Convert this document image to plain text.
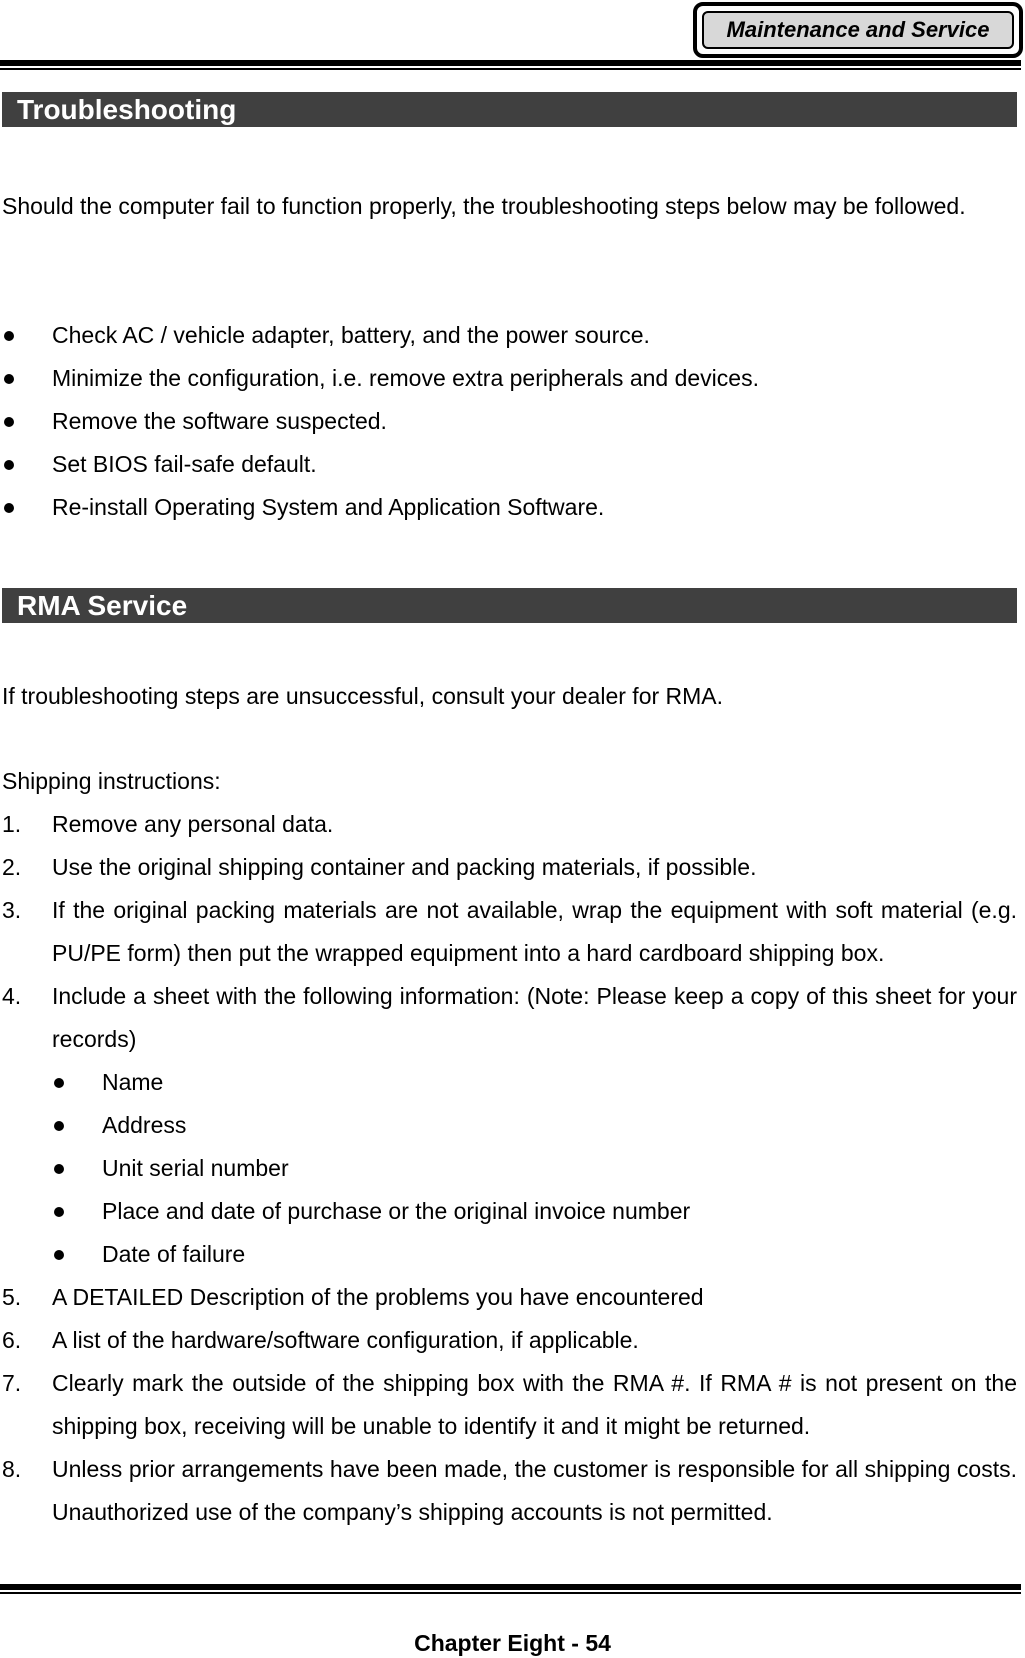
Maintenance and Service
Troubleshooting

Should the computer fail to function properly, the troubleshooting steps below may be followed.

Check AC / vehicle adapter, battery, and the power source.
Minimize the configuration, i.e. remove extra peripherals and devices.
Remove the software suspected.
Set BIOS fail-safe default.
Re-install Operating System and Application Software.
RMA Service

If troubleshooting steps are unsuccessful, consult your dealer for RMA.

Shipping instructions:

1. Remove any personal data.
2. Use the original shipping container and packing materials, if possible.
3. If the original packing materials are not available, wrap the equipment with soft material (e.g. PU/PE form) then put the wrapped equipment into a hard cardboard shipping box.
4. Include a sheet with the following information: (Note: Please keep a copy of this sheet for your records)
Name
Address
Unit serial number
Place and date of purchase or the original invoice number
Date of failure
5. A DETAILED Description of the problems you have encountered
6. A list of the hardware/software configuration, if applicable.
7. Clearly mark the outside of the shipping box with the RMA #. If RMA # is not present on the shipping box, receiving will be unable to identify it and it might be returned.
8. Unless prior arrangements have been made, the customer is responsible for all shipping costs. Unauthorized use of the company’s shipping accounts is not permitted.
Chapter Eight - 54
